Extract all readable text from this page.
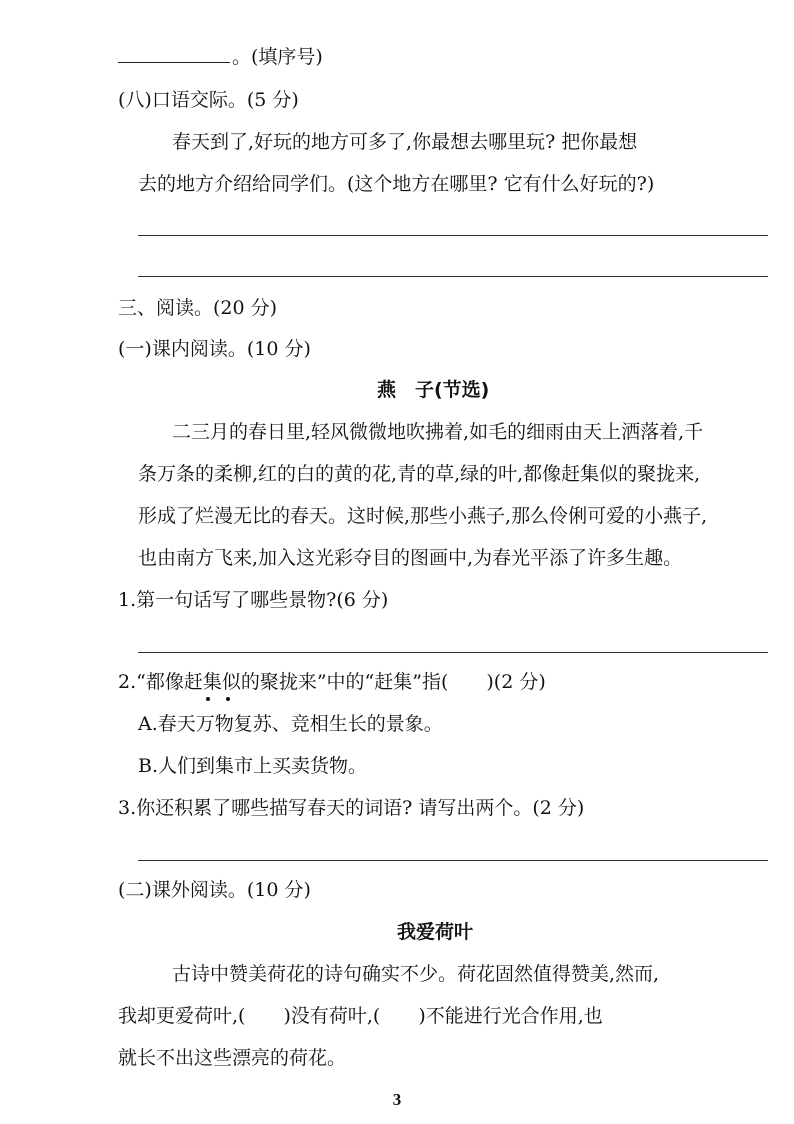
。(填序号)
(八)口语交际。(5 分)
春天到了,好玩的地方可多了,你最想去哪里玩? 把你最想
去的地方介绍给同学们。(这个地方在哪里? 它有什么好玩的?)
三、阅读。(20 分)
(一)课内阅读。(10 分)
燕　子(节选)
二三月的春日里,轻风微微地吹拂着,如毛的细雨由天上洒落着,千
条万条的柔柳,红的白的黄的花,青的草,绿的叶,都像赶集似的聚拢来,
形成了烂漫无比的春天。这时候,那些小燕子,那么伶俐可爱的小燕子,
也由南方飞来,加入这光彩夺目的图画中,为春光平添了许多生趣。
1.第一句话写了哪些景物?(6 分)
2.“都像赶集似的聚拢来”中的“赶集”指(　　)(2 分)
A.春天万物复苏、竞相生长的景象。
B.人们到集市上买卖货物。
3.你还积累了哪些描写春天的词语? 请写出两个。(2 分)
(二)课外阅读。(10 分)
我爱荷叶
古诗中赞美荷花的诗句确实不少。荷花固然值得赞美,然而,
我却更爱荷叶,(　　)没有荷叶,(　　)不能进行光合作用,也
就长不出这些漂亮的荷花。
3
